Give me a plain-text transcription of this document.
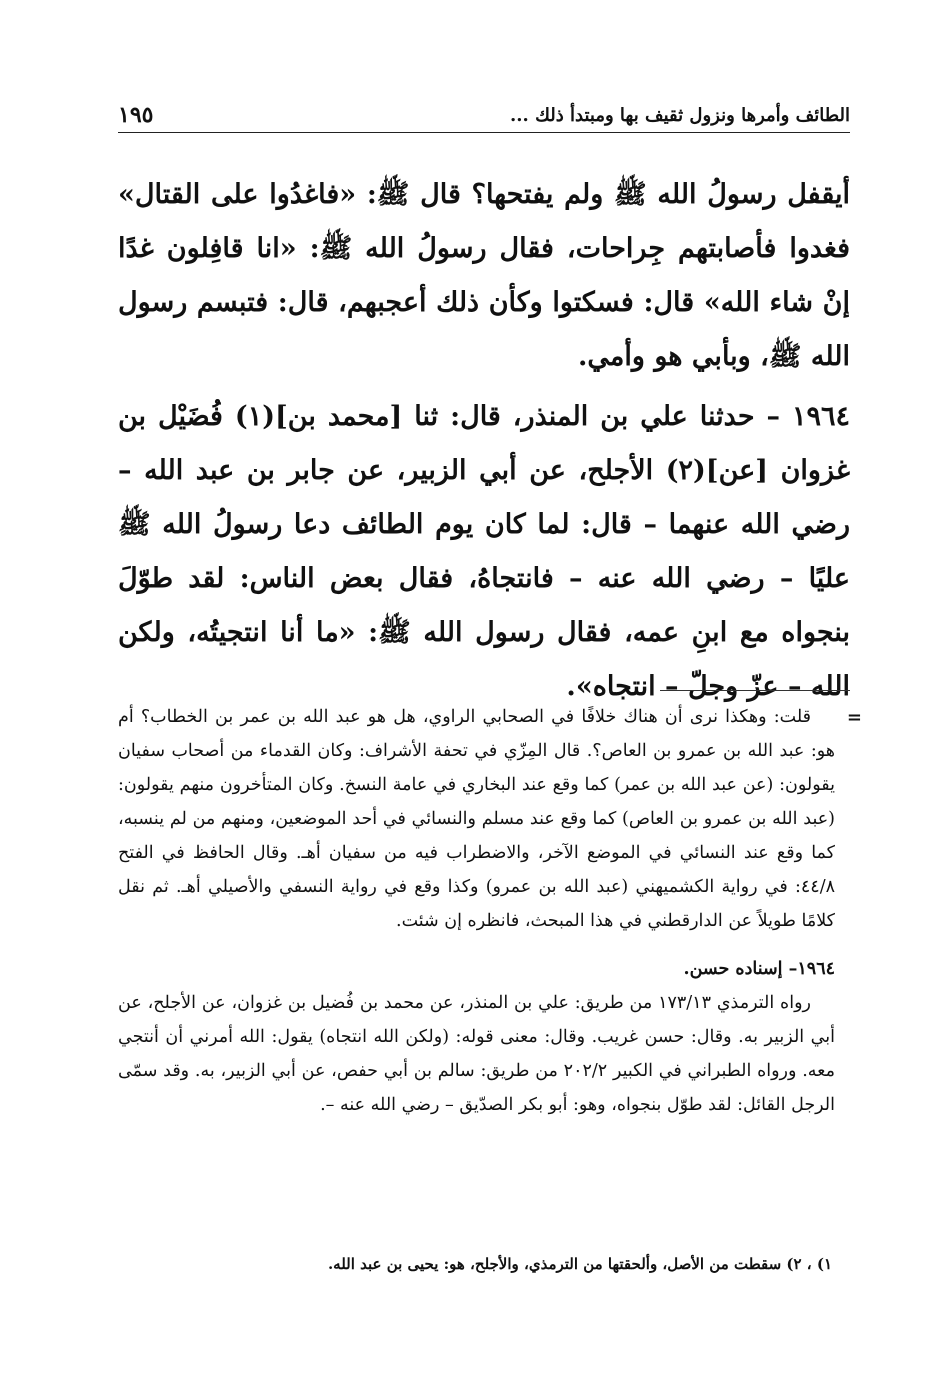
الطائف وأمرها ونزول ثقيف بها ومبتدأ ذلك ...
١٩٥

أيقفل رسولُ الله ﷺ ولم يفتحها؟ قال ﷺ: «فاغدُوا على القتال» فغدوا فأصابتهم جِراحات، فقال رسولُ الله ﷺ: «انا قافِلون غدًا إنْ شاء الله» قال: فسكتوا وكأن ذلك أعجبهم، قال: فتبسم رسول الله ﷺ، وبأبي هو وأمي.

١٩٦٤ – حدثنا علي بن المنذر، قال: ثنا [محمد بن](١) فُضَيْل بن غزوان [عن](٢) الأجلح، عن أبي الزبير، عن جابر بن عبد الله – رضي الله عنهما – قال: لما كان يوم الطائف دعا رسولُ الله ﷺ عليًا – رضي الله عنه – فانتجاهُ، فقال بعض الناس: لقد طوّلَ بنجواه مع ابنِ عمه، فقال رسول الله ﷺ: «ما أنا انتجيتُه، ولكن الله – عزّ وجلّ – انتجاه».

=

قلت: وهكذا نرى أن هناك خلافًا في الصحابي الراوي، هل هو عبد الله بن عمر بن الخطاب؟ أم هو: عبد الله بن عمرو بن العاص؟. قال المِزّي في تحفة الأشراف: وكان القدماء من أصحاب سفيان يقولون: (عن عبد الله بن عمر) كما وقع عند البخاري في عامة النسخ. وكان المتأخرون منهم يقولون: (عبد الله بن عمرو بن العاص) كما وقع عند مسلم والنسائي في أحد الموضعين، ومنهم من لم ينسبه، كما وقع عند النسائي في الموضع الآخر، والاضطراب فيه من سفيان أهـ. وقال الحافظ في الفتح ٤٤/٨: في رواية الكشميهني (عبد الله بن عمرو) وكذا وقع في رواية النسفي والأصيلي أهـ. ثم نقل كلامًا طويلاً عن الدارقطني في هذا المبحث، فانظره إن شئت.

١٩٦٤– إسناده حسن.

رواه الترمذي ١٧٣/١٣ من طريق: علي بن المنذر، عن محمد بن فُضيل بن غزوان، عن الأجلح، عن أبي الزبير به. وقال: حسن غريب. وقال: معنى قوله: (ولكن الله انتجاه) يقول: الله أمرني أن أنتجي معه. ورواه الطبراني في الكبير ٢٠٢/٢ من طريق: سالم بن أبي حفص، عن أبي الزبير، به. وقد سمّى الرجل القائل: لقد طوّل بنجواه، وهو: أبو بكر الصدّيق – رضي الله عنه –.

١) ، ٢) سقطت من الأصل، وألحقتها من الترمذي، والأجلح، هو: يحيى بن عبد الله.
